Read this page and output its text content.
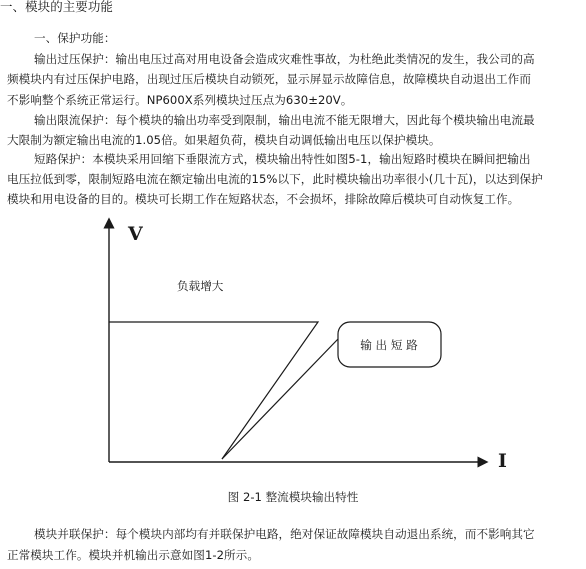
一、模块的主要功能
一、保护功能：
输出过压保护：输出电压过高对用电设备会造成灾难性事故，为杜绝此类情况的发生，我公司的高
频模块内有过压保护电路，出现过压后模块自动锁死，显示屏显示故障信息，故障模块自动退出工作而
不影响整个系统正常运行。NP600X系列模块过压点为630±20V。
输出限流保护：每个模块的输出功率受到限制，输出电流不能无限增大，因此每个模块输出电流最
大限制为额定输出电流的1.05倍。如果超负荷，模块自动调低输出电压以保护模块。
短路保护：本模块采用回缩下垂限流方式，模块输出特性如图5-1，输出短路时模块在瞬间把输出
电压拉低到零，限制短路电流在额定输出电流的15%以下，此时模块输出功率很小(几十瓦)，以达到保护
模块和用电设备的目的。模块可长期工作在短路状态，不会损坏，排除故障后模块可自动恢复工作。
V
I
负载增大
输 出 短 路
图 2-1 整流模块输出特性
模块并联保护：每个模块内部均有并联保护电路，绝对保证故障模块自动退出系统，而不影响其它
正常模块工作。模块并机输出示意如图1-2所示。
